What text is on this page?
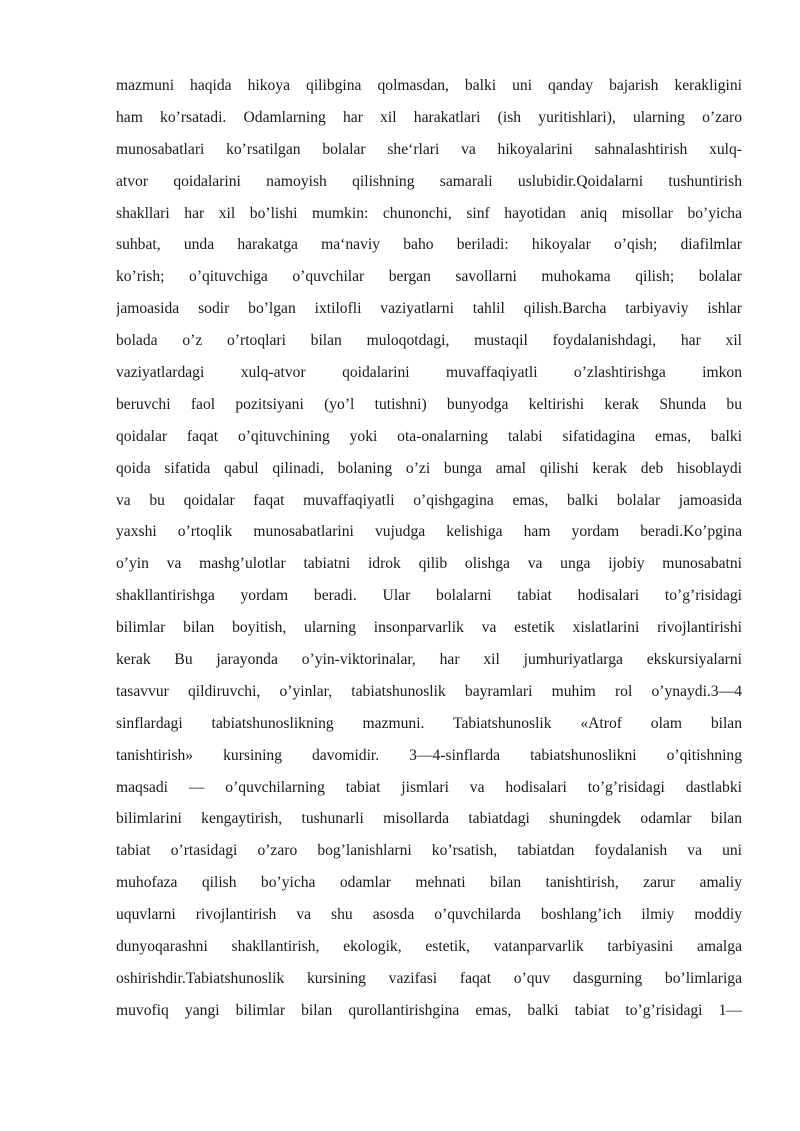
mazmuni haqida hikoya qilibgina qolmasdan, balki uni qanday bajarish kerakligini
ham ko’rsatadi. Odamlarning har xil harakatlari (ish yuritishlari), ularning o’zaro
munosabatlari ko’rsatilgan bolalar she‘rlari va hikoyalarini sahnalashtirish xulq-
atvor qoidalarini namoyish qilishning samarali uslubidir.Qoidalarni tushuntirish
shakllari har xil bo’lishi mumkin: chunonchi, sinf hayotidan aniq misollar bo’yicha
suhbat, unda harakatga ma‘naviy baho beriladi: hikoyalar o’qish; diafilmlar
ko’rish; o’qituvchiga o’quvchilar bergan savollarni muhokama qilish; bolalar
jamoasida sodir bo’lgan ixtilofli vaziyatlarni tahlil qilish.Barcha tarbiyaviy ishlar
bolada o’z o’rtoqlari bilan muloqotdagi, mustaqil foydalanishdagi, har xil
vaziyatlardagi xulq-atvor qoidalarini muvaffaqiyatli o’zlashtirishga imkon
beruvchi faol pozitsiyani (yo’l tutishni) bunyodga keltirishi kerak Shunda bu
qoidalar faqat o’qituvchining yoki ota-onalarning talabi sifatidagina emas, balki
qoida sifatida qabul qilinadi, bolaning o’zi bunga amal qilishi kerak deb hisoblaydi
va bu qoidalar faqat muvaffaqiyatli o’qishgagina emas, balki bolalar jamoasida
yaxshi o’rtoqlik munosabatlarini vujudga kelishiga ham yordam beradi.Ko’pgina
o’yin va mashg’ulotlar tabiatni idrok qilib olishga va unga ijobiy munosabatni
shakllantirishga yordam beradi. Ular bolalarni tabiat hodisalari to’g’risidagi
bilimlar bilan boyitish, ularning insonparvarlik va estetik xislatlarini rivojlantirishi
kerak Bu jarayonda o’yin-viktorinalar, har xil jumhuriyatlarga ekskursiyalarni
tasavvur qildiruvchi, o’yinlar, tabiatshunoslik bayramlari muhim rol o’ynaydi.3—4
sinflardagi tabiatshunoslikning mazmuni. Tabiatshunoslik «Atrof olam bilan
tanishtirish» kursining davomidir. 3—4-sinflarda tabiatshunoslikni o’qitishning
maqsadi — o’quvchilarning tabiat jismlari va hodisalari to’g’risidagi dastlabki
bilimlarini kengaytirish, tushunarli misollarda tabiatdagi shuningdek odamlar bilan
tabiat o’rtasidagi o’zaro bog’lanishlarni ko’rsatish, tabiatdan foydalanish va uni
muhofaza qilish bo’yicha odamlar mehnati bilan tanishtirish, zarur amaliy
uquvlarni rivojlantirish va shu asosda o’quvchilarda boshlang’ich ilmiy moddiy
dunyoqarashni shakllantirish, ekologik, estetik, vatanparvarlik tarbiyasini amalga
oshirishdir.Tabiatshunoslik kursining vazifasi faqat o’quv dasgurning bo’limlariga
muvofiq yangi bilimlar bilan qurollantirishgina emas, balki tabiat to’g’risidagi 1—
